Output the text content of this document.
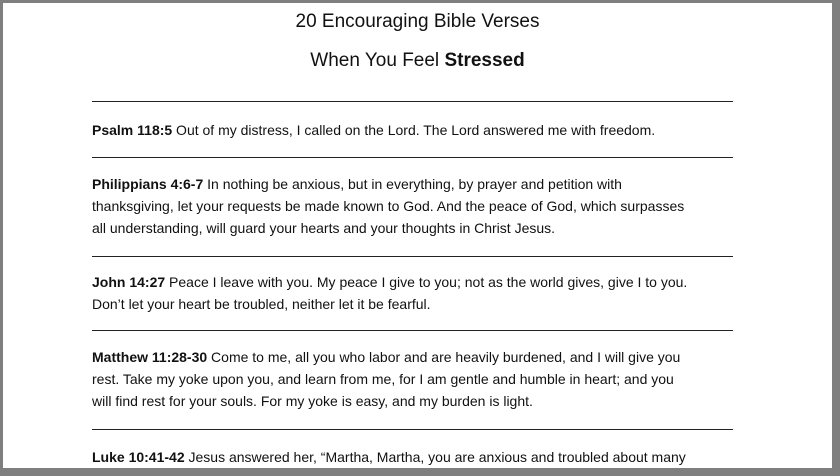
20 Encouraging Bible Verses
When You Feel Stressed
Psalm 118:5 Out of my distress, I called on the Lord. The Lord answered me with freedom.
Philippians 4:6-7 In nothing be anxious, but in everything, by prayer and petition with
thanksgiving, let your requests be made known to God. And the peace of God, which surpasses
all understanding, will guard your hearts and your thoughts in Christ Jesus.
John 14:27 Peace I leave with you. My peace I give to you; not as the world gives, give I to you.
Don’t let your heart be troubled, neither let it be fearful.
Matthew 11:28-30 Come to me, all you who labor and are heavily burdened, and I will give you
rest. Take my yoke upon you, and learn from me, for I am gentle and humble in heart; and you
will find rest for your souls. For my yoke is easy, and my burden is light.
Luke 10:41-42 Jesus answered her, “Martha, Martha, you are anxious and troubled about many
